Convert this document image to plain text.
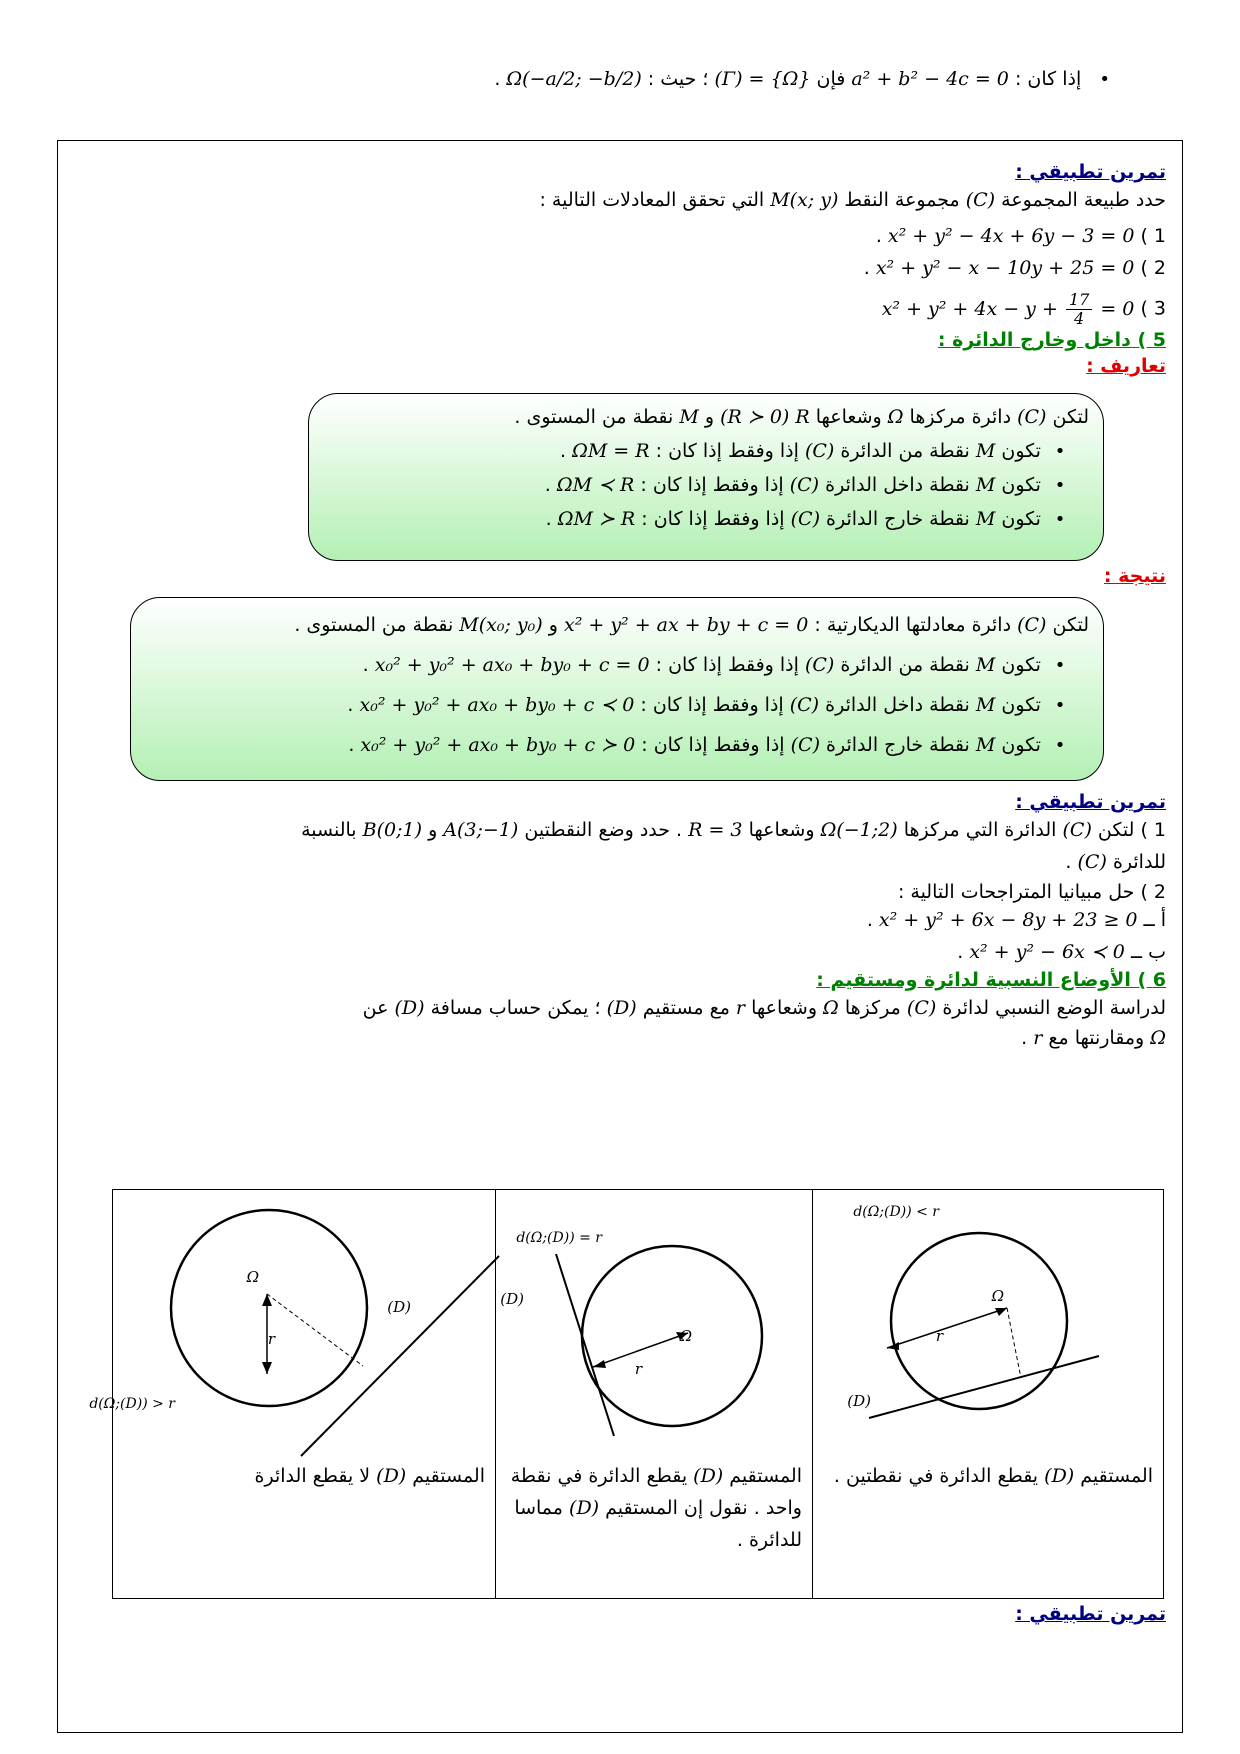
•   إذا كان : a² + b² − 4c = 0 فإن (Γ) = {Ω} ؛ حيث : Ω(−a/2; −b/2) .
تمرين تطبيقي :
حدد طبيعة المجموعة (C) مجموعة النقط M(x; y) التي تحقق المعادلات التالية :
1 ) x² + y² − 4x + 6y − 3 = 0 .
2 ) x² + y² − x − 10y + 25 = 0 .
3 ) $x^2 + y^2 + 4x - y + \frac{17}{4} = 0$
5 ) داخل وخارج الدائرة :
تعاريف :
لتكن (C) دائرة مركزها Ω وشعاعها R (R ≻ 0) و M نقطة من المستوى .
• تكون M نقطة من الدائرة (C) إذا وفقط إذا كان : ΩM = R .
• تكون M نقطة داخل الدائرة (C) إذا وفقط إذا كان : ΩM ≺ R .
• تكون M نقطة خارج الدائرة (C) إذا وفقط إذا كان : ΩM ≻ R .
نتيجة :
لتكن (C) دائرة معادلتها الديكارتية : x² + y² + ax + by + c = 0 و M(x₀; y₀) نقطة من المستوى .
• تكون M نقطة من الدائرة (C) إذا وفقط إذا كان : x₀² + y₀² + ax₀ + by₀ + c = 0 .
• تكون M نقطة داخل الدائرة (C) إذا وفقط إذا كان : x₀² + y₀² + ax₀ + by₀ + c ≺ 0 .
• تكون M نقطة خارج الدائرة (C) إذا وفقط إذا كان : x₀² + y₀² + ax₀ + by₀ + c ≻ 0 .
تمرين تطبيقي :
1 ) لتكن (C) الدائرة التي مركزها Ω(−1;2) وشعاعها R = 3 . حدد وضع النقطتين A(3;−1) و B(0;1) بالنسبة
للدائرة (C) .
2 ) حل مبيانيا المتراجحات التالية :
أ ــ x² + y² + 6x − 8y + 23 ≥ 0 .
ب ــ x² + y² − 6x ≺ 0 .
6 ) الأوضاع النسبية لدائرة ومستقيم :
لدراسة الوضع النسبي لدائرة (C) مركزها Ω وشعاعها r مع مستقيم (D) ؛ يمكن حساب مسافة (D) عن
Ω ومقارنتها مع r .
Ω
r
(D)
d(Ω;(D)) < r
المستقيم (D) يقطع الدائرة في نقطتين .

Ω
r
(D)
d(Ω;(D)) = r
المستقيم (D) يقطع الدائرة في نقطة واحد . نقول إن المستقيم (D) مماسا للدائرة .

Ω
r
(D)
d(Ω;(D)) > r
المستقيم (D) لا يقطع الدائرة
تمرين تطبيقي :
